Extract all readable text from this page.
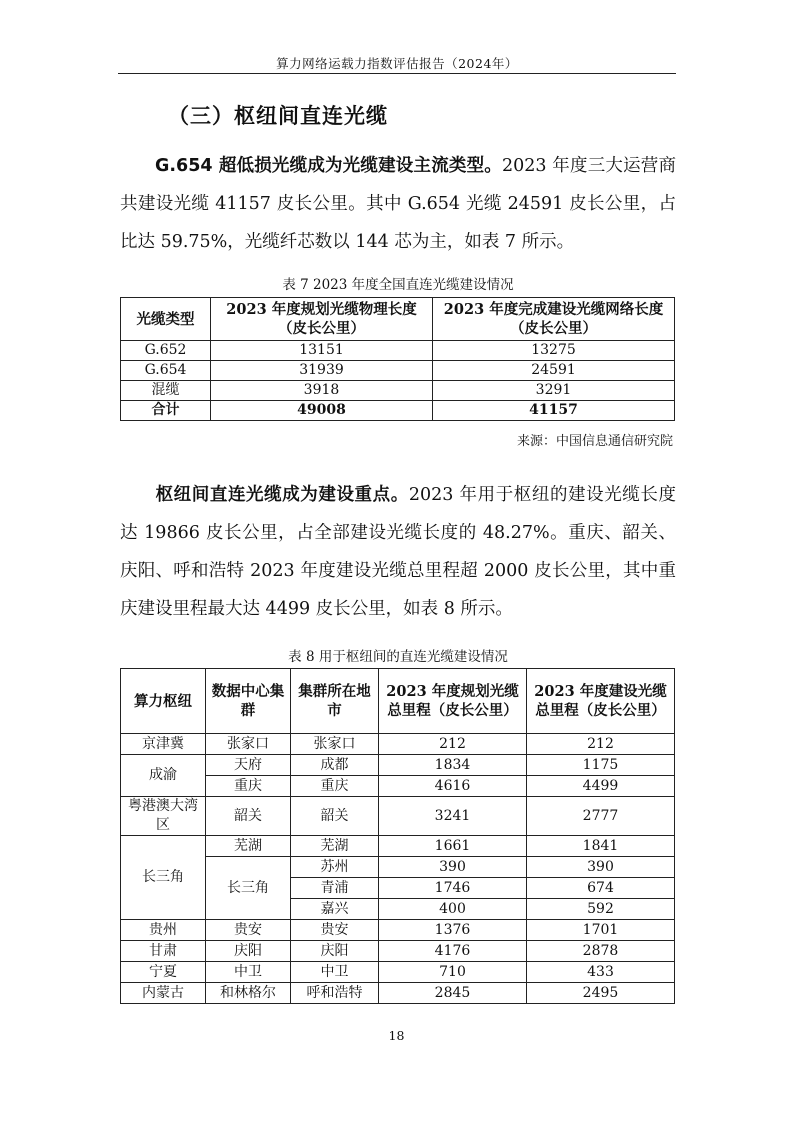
算力网络运载力指数评估报告（2024年）
（三）枢纽间直连光缆

G.654 超低损光缆成为光缆建设主流类型。2023 年度三大运营商共建设光缆 41157 皮长公里。其中 G.654 光缆 24591 皮长公里，占比达 59.75%，光缆纤芯数以 144 芯为主，如表 7 所示。

表 7 2023 年度全国直连光缆建设情况
光缆类型	2023 年度规划光缆物理长度（皮长公里）	2023 年度完成建设光缆网络长度（皮长公里）
G.652	13151	13275
G.654	31939	24591
混缆	3918	3291
合计	49008	41157
来源：中国信息通信研究院

枢纽间直连光缆成为建设重点。2023 年用于枢纽的建设光缆长度达 19866 皮长公里，占全部建设光缆长度的 48.27%。重庆、韶关、庆阳、呼和浩特 2023 年度建设光缆总里程超 2000 皮长公里，其中重庆建设里程最大达 4499 皮长公里，如表 8 所示。

表 8 用于枢纽间的直连光缆建设情况
算力枢纽	数据中心集群	集群所在地市	2023 年度规划光缆总里程（皮长公里）	2023 年度建设光缆总里程（皮长公里）
京津冀	张家口	张家口	212	212
成渝	天府	成都	1834	1175
	重庆	重庆	4616	4499
粤港澳大湾区	韶关	韶关	3241	2777
长三角	芜湖	芜湖	1661	1841
	长三角	苏州	390	390
		青浦	1746	674
		嘉兴	400	592
贵州	贵安	贵安	1376	1701
甘肃	庆阳	庆阳	4176	2878
宁夏	中卫	中卫	710	433
内蒙古	和林格尔	呼和浩特	2845	2495
18
